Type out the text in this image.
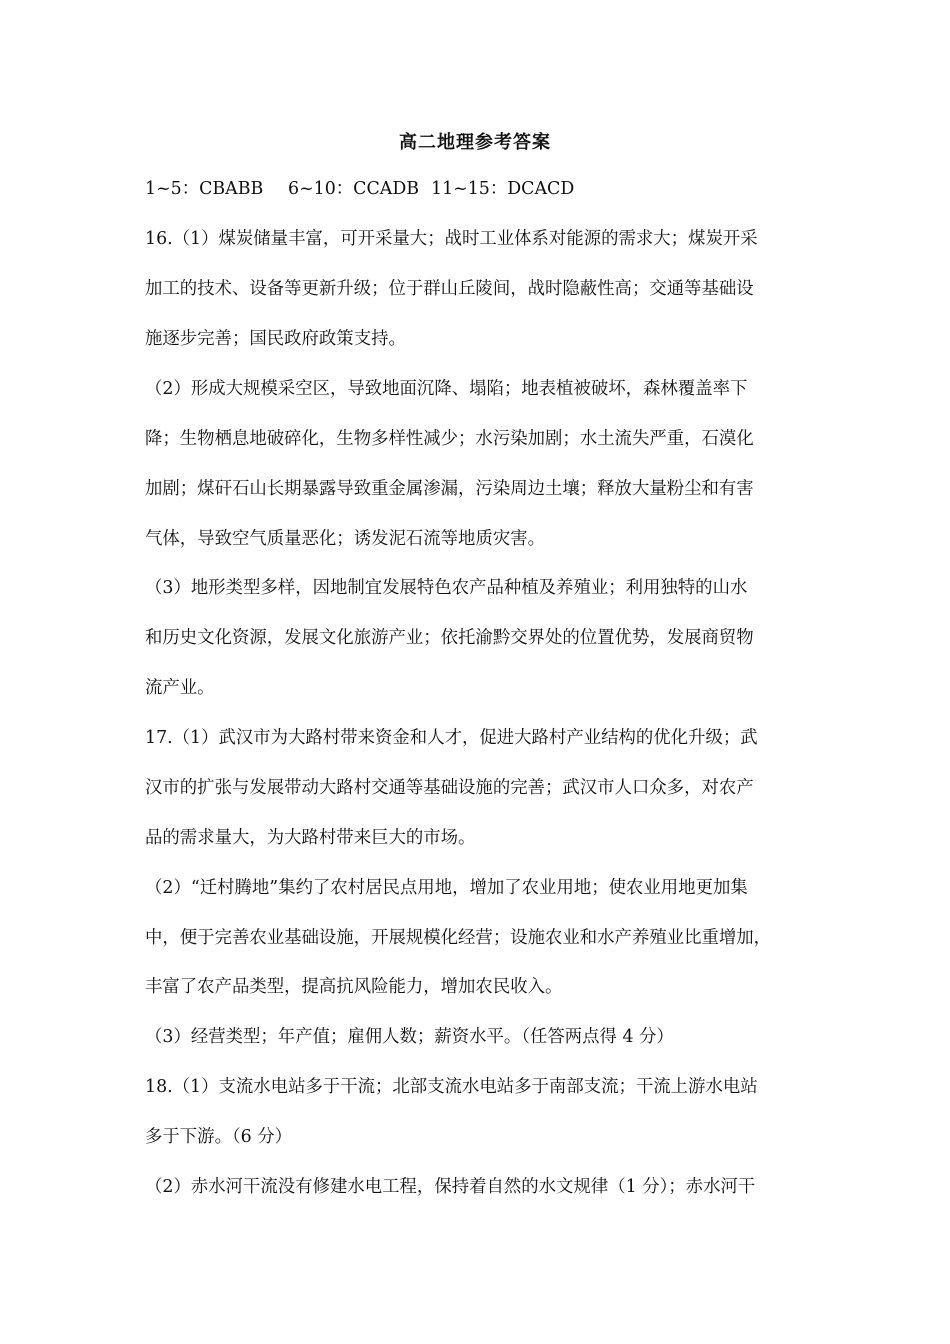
高二地理参考答案
1~5：CBABB 6~10：CCADB 11~15：DCACD
16.（1）煤炭储量丰富，可开采量大；战时工业体系对能源的需求大；煤炭开采
加工的技术、设备等更新升级；位于群山丘陵间，战时隐蔽性高；交通等基础设
施逐步完善；国民政府政策支持。
（2）形成大规模采空区，导致地面沉降、塌陷；地表植被破坏，森林覆盖率下
降；生物栖息地破碎化，生物多样性减少；水污染加剧；水土流失严重，石漠化
加剧；煤矸石山长期暴露导致重金属渗漏，污染周边土壤；释放大量粉尘和有害
气体，导致空气质量恶化；诱发泥石流等地质灾害。
（3）地形类型多样，因地制宜发展特色农产品种植及养殖业；利用独特的山水
和历史文化资源，发展文化旅游产业；依托渝黔交界处的位置优势，发展商贸物
流产业。
17.（1）武汉市为大路村带来资金和人才，促进大路村产业结构的优化升级；武
汉市的扩张与发展带动大路村交通等基础设施的完善；武汉市人口众多，对农产
品的需求量大，为大路村带来巨大的市场。
（2）“迁村腾地”集约了农村居民点用地，增加了农业用地；使农业用地更加集
中，便于完善农业基础设施，开展规模化经营；设施农业和水产养殖业比重增加，
丰富了农产品类型，提高抗风险能力，增加农民收入。
（3）经营类型；年产值；雇佣人数；薪资水平。（任答两点得 4 分）
18.（1）支流水电站多于干流；北部支流水电站多于南部支流；干流上游水电站
多于下游。（6 分）
（2）赤水河干流没有修建水电工程，保持着自然的水文规律（1 分）；赤水河干
